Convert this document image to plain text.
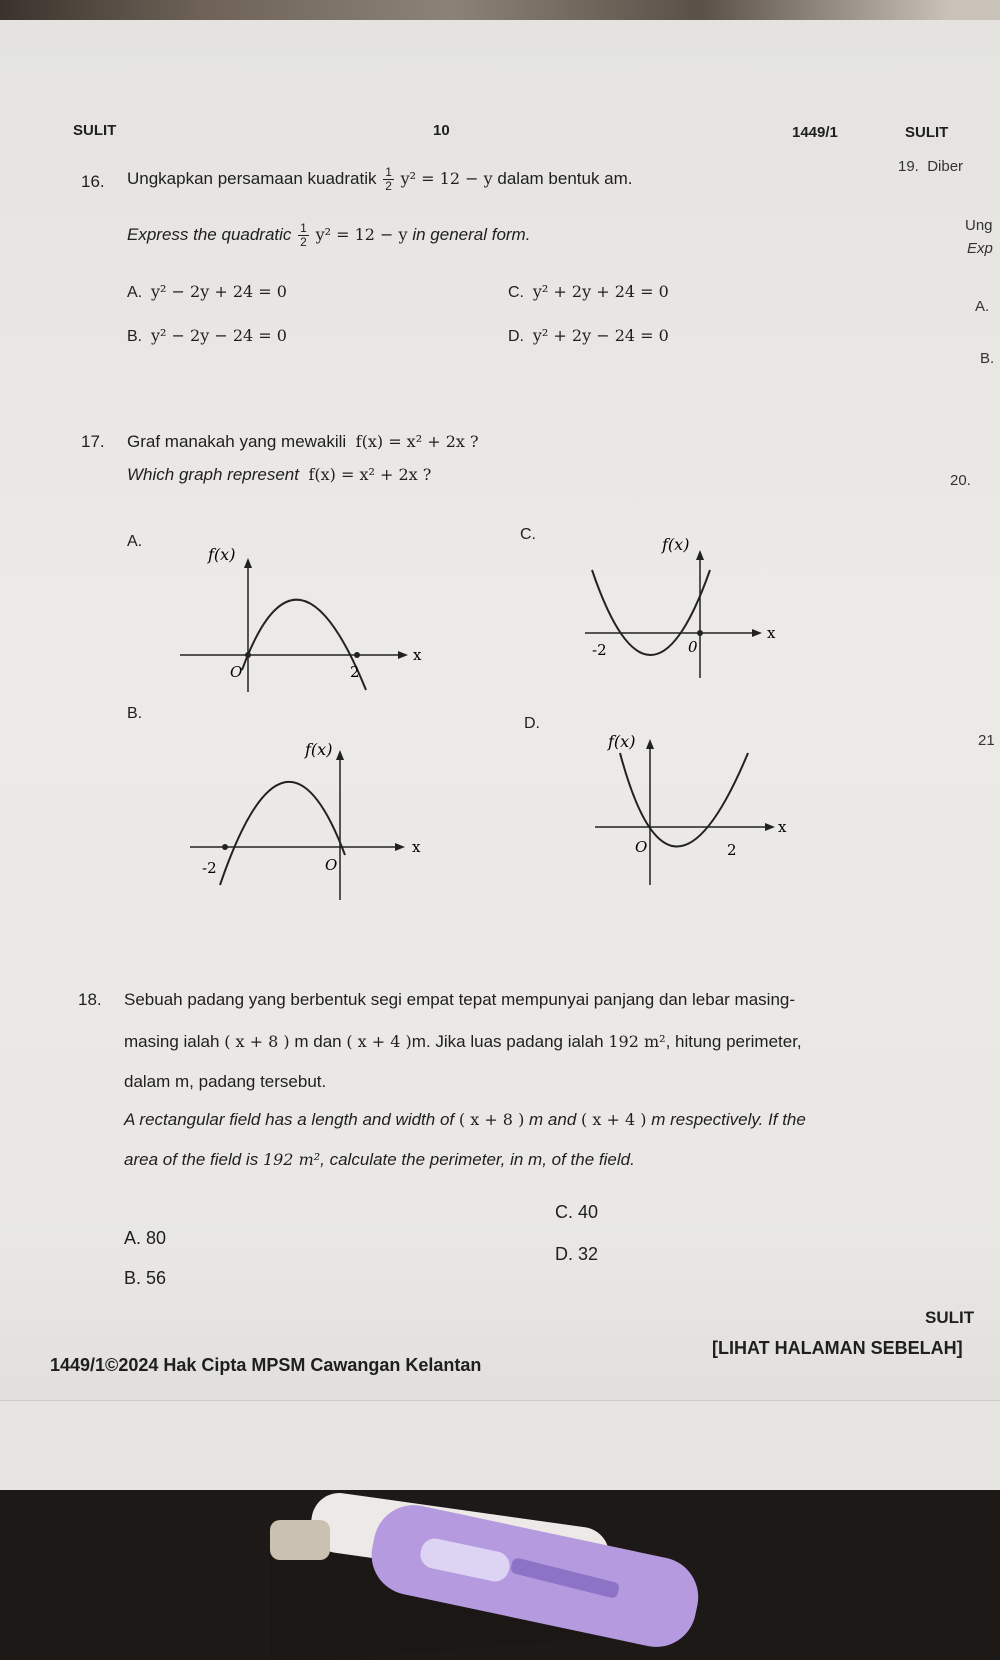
SULIT	10	1449/1	SULIT
16. Ungkapkan persamaan kuadratik $\frac{1}{2} y^2 = 12 - y$ dalam bentuk am.
Express the quadratic $\frac{1}{2} y^2 = 12 - y$ in general form.
A. y² − 2y + 24 = 0
B. y² − 2y − 24 = 0
C. y² + 2y + 24 = 0
D. y² + 2y − 24 = 0
17. Graf manakah yang mewakili f(x) = x² + 2x ?
Which graph represent f(x) = x² + 2x ?
A.
f(x)
x
O	2
C.
f(x)
x
0
-2
B.
f(x)
x
O
-2
D.
f(x)
x
O	2
18. Sebuah padang yang berbentuk segi empat tepat mempunyai panjang dan lebar masing-
masing ialah ( x + 8 ) m dan ( x + 4 )m. Jika luas padang ialah 192 m², hitung perimeter,
dalam m, padang tersebut.
A rectangular field has a length and width of ( x + 8 ) m and ( x + 4 ) m respectively. If the
area of the field is 192 m², calculate the perimeter, in m, of the field.
A. 80
B. 56
C. 40
D. 32
19. Diber
Ung
Exp
A.
B.
20.
21
SULIT
1449/1©2024 Hak Cipta MPSM Cawangan Kelantan
[LIHAT HALAMAN SEBELAH]
